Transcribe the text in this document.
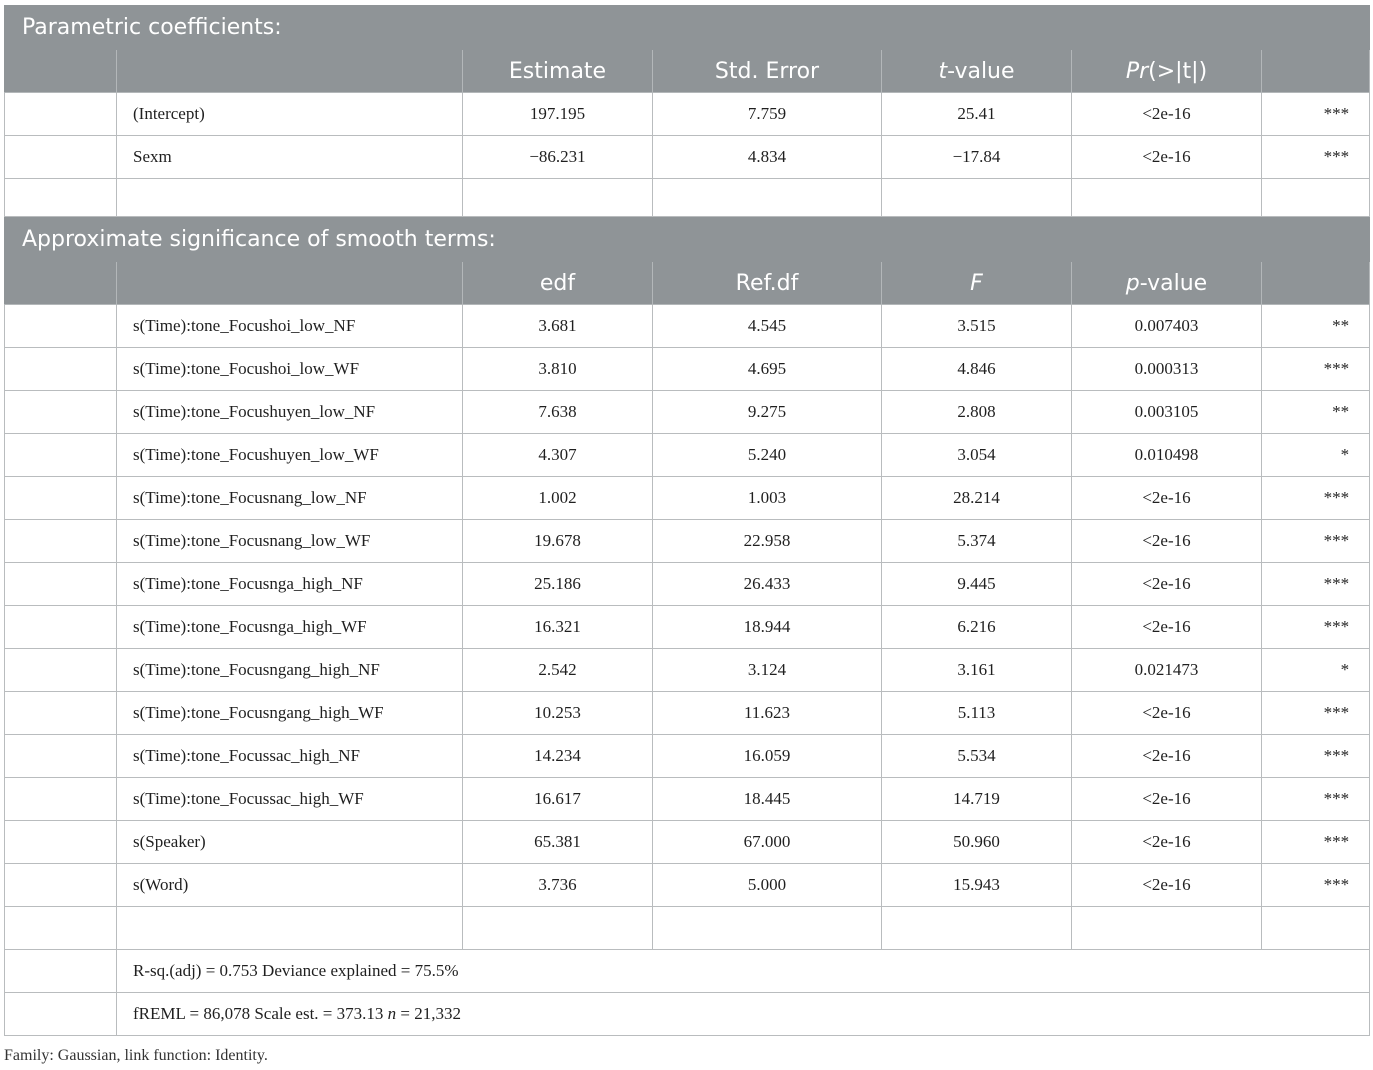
Parametric coefficients:						
		Estimate	Std. Error	t-value	Pr(>|t|)	
	(Intercept)	197.195	7.759	25.41	<2e-16	***
	Sexm	−86.231	4.834	−17.84	<2e-16	***

Approximate significance of smooth terms:						
		edf	Ref.df	F	p-value	
	s(Time):tone_Focushoi_low_NF	3.681	4.545	3.515	0.007403	**
	s(Time):tone_Focushoi_low_WF	3.810	4.695	4.846	0.000313	***
	s(Time):tone_Focushuyen_low_NF	7.638	9.275	2.808	0.003105	**
	s(Time):tone_Focushuyen_low_WF	4.307	5.240	3.054	0.010498	*
	s(Time):tone_Focusnang_low_NF	1.002	1.003	28.214	<2e-16	***
	s(Time):tone_Focusnang_low_WF	19.678	22.958	5.374	<2e-16	***
	s(Time):tone_Focusnga_high_NF	25.186	26.433	9.445	<2e-16	***
	s(Time):tone_Focusnga_high_WF	16.321	18.944	6.216	<2e-16	***
	s(Time):tone_Focusngang_high_NF	2.542	3.124	3.161	0.021473	*
	s(Time):tone_Focusngang_high_WF	10.253	11.623	5.113	<2e-16	***
	s(Time):tone_Focussac_high_NF	14.234	16.059	5.534	<2e-16	***
	s(Time):tone_Focussac_high_WF	16.617	18.445	14.719	<2e-16	***
	s(Speaker)	65.381	67.000	50.960	<2e-16	***
	s(Word)	3.736	5.000	15.943	<2e-16	***

	R-sq.(adj) = 0.753 Deviance explained = 75.5%					
	fREML = 86,078 Scale est. = 373.13 n = 21,332					
Family: Gaussian, link function: Identity.
